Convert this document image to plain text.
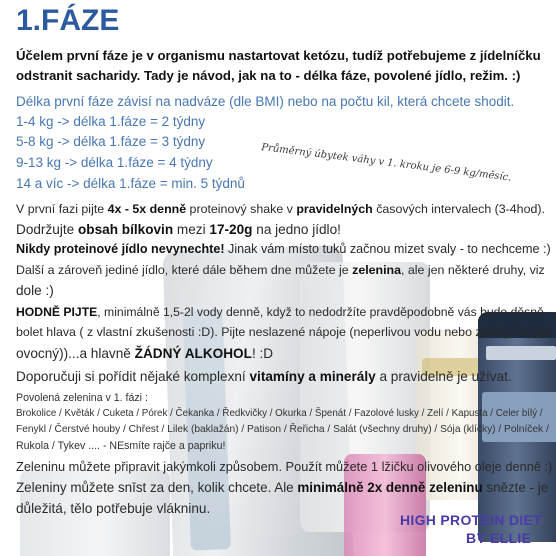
1.FÁZE
Účelem první fáze je v organismu nastartovat ketózu, tudíž potřebujeme z jídelníčku
odstranit sacharidy. Tady je návod, jak na to - délka fáze, povolené jídlo, režim. :)
Délka první fáze závisí na nadváze (dle BMI) nebo na počtu kil, která chcete shodit.
1-4 kg -> délka 1.fáze = 2 týdny
5-8 kg -> délka 1.fáze = 3 týdny
9-13 kg -> délka 1.fáze = 4 týdny
14 a víc -> délka 1.fáze = min. 5 týdnů Průměrný úbytek váhy v 1. kroku je 6-9 kg/měsíc.
V první fazi pijte 4x - 5x denně proteinový shake v pravidelných časových intervalech (3-4hod).
Dodržujte obsah bílkovin mezi 17-20g na jedno jídlo!
Nikdy proteinové jídlo nevynechte! Jinak vám místo tuků začnou mizet svaly - to nechceme :)
Další a zároveň jediné jídlo, které dále během dne můžete je zelenina, ale jen některé druhy, viz
dole :)
HODNĚ PIJTE, minimálně 1,5-2l vody denně, když to nedodržíte pravděpodobně vás bude děsně
bolet hlava ( z vlastní zkušenosti :D). Pijte neslazené nápoje (neperlivou vodu nebo zelený čaj (ne
ovocný))...a hlavně ŽÁDNÝ ALKOHOL! :D
Doporučuji si pořídit nějaké komplexní vitamíny a minerály a pravidelně je užívat.
Povolená zelenina v 1. fázi :
Brokolice / Květák / Cuketa / Pórek / Čekanka / Ředkvičky / Okurka / Špenát / Fazolové lusky / Zelí / Kapusta / Celer bílý /
Fenykl / Čerstvé houby / Chřest / Lilek (baklažán) / Patison / Řeřicha / Salát (všechny druhy) / Sója (klíčky) / Polníček /
Rukola / Tykev .... - NEsmíte rajče a papriku!
Zeleninu můžete připravit jakýmkoli způsobem. Použít můžete 1 lžičku olivového oleje denně :)
Zeleniny můžete snīst za den, kolik chcete. Ale minimálně 2x denně zeleninu snězte - je
důležitá, tělo potřebuje vlákninu.
HIGH PROTEIN DIET
BY ELLIE
